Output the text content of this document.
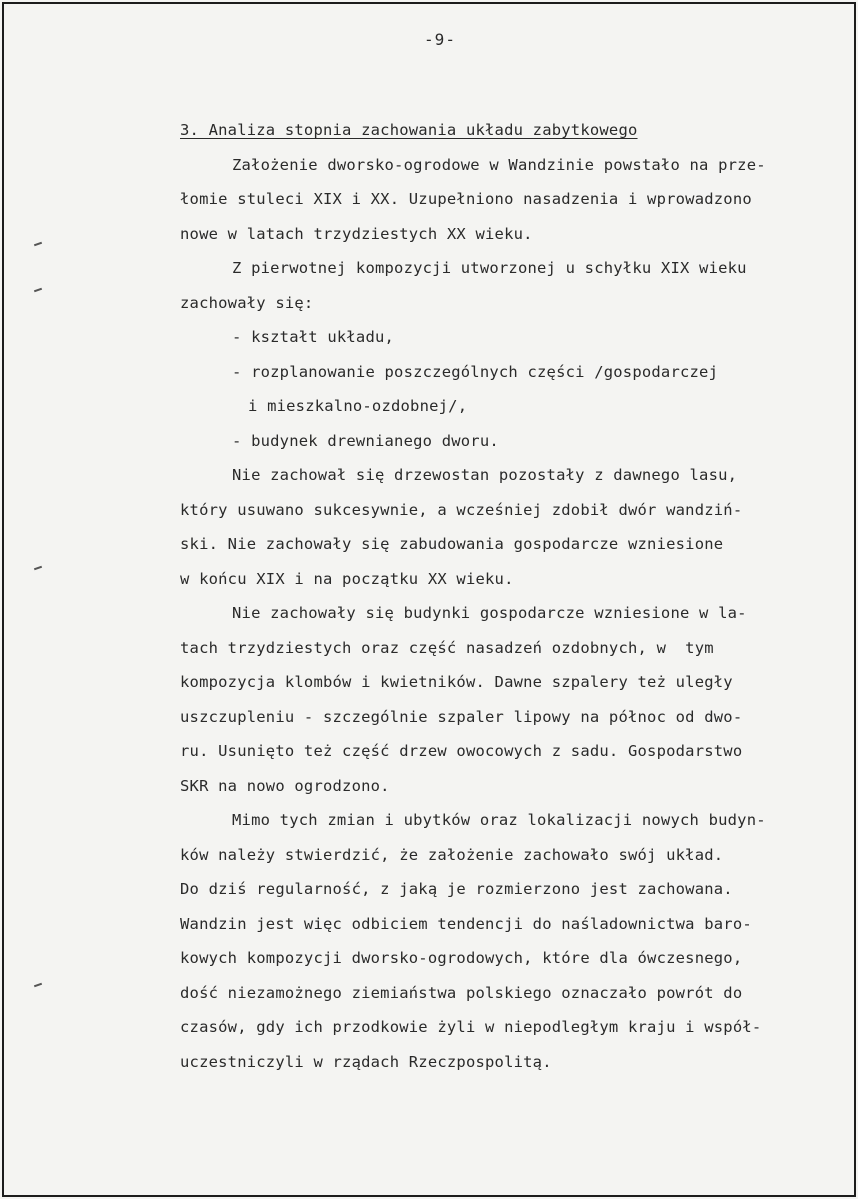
-9-
3. Analiza stopnia zachowania układu zabytkowego
Założenie dworsko-ogrodowe w Wandzinie powstało na prze-
łomie stuleci XIX i XX. Uzupełniono nasadzenia i wprowadzono
nowe w latach trzydziestych XX wieku.
Z pierwotnej kompozycji utworzonej u schyłku XIX wieku
zachowały się:
- kształt układu,
- rozplanowanie poszczególnych części /gospodarczej
i mieszkalno-ozdobnej/,
- budynek drewnianego dworu.
Nie zachował się drzewostan pozostały z dawnego lasu,
który usuwano sukcesywnie, a wcześniej zdobił dwór wandziń-
ski. Nie zachowały się zabudowania gospodarcze wzniesione
w końcu XIX i na początku XX wieku.
Nie zachowały się budynki gospodarcze wzniesione w la-
tach trzydziestych oraz część nasadzeń ozdobnych, w  tym
kompozycja klombów i kwietników. Dawne szpalery też uległy
uszczupleniu - szczególnie szpaler lipowy na północ od dwo-
ru. Usunięto też część drzew owocowych z sadu. Gospodarstwo
SKR na nowo ogrodzono.
Mimo tych zmian i ubytków oraz lokalizacji nowych budyn-
ków należy stwierdzić, że założenie zachowało swój układ.
Do dziś regularność, z jaką je rozmierzono jest zachowana.
Wandzin jest więc odbiciem tendencji do naśladownictwa baro-
kowych kompozycji dworsko-ogrodowych, które dla ówczesnego,
dość niezamożnego ziemiaństwa polskiego oznaczało powrót do
czasów, gdy ich przodkowie żyli w niepodległym kraju i współ-
uczestniczyli w rządach Rzeczpospolitą.
